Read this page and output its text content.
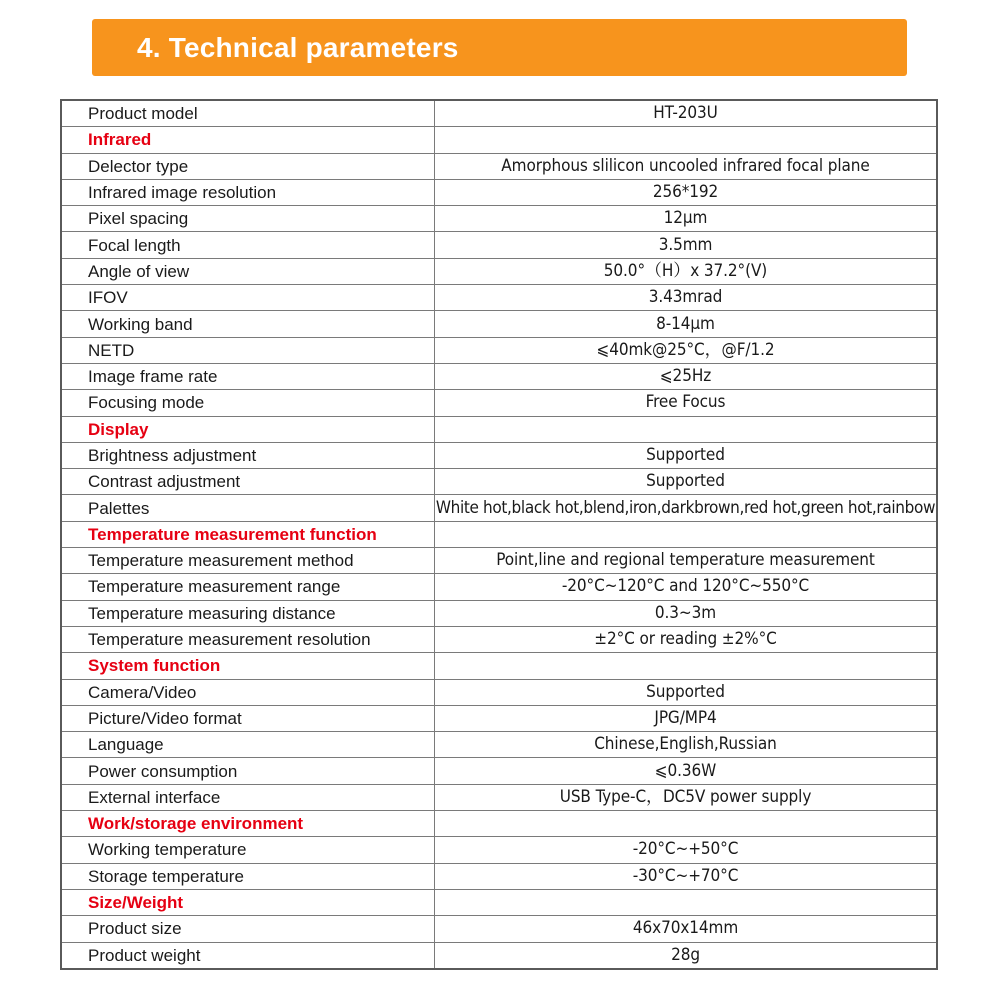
4. Technical parameters
Product model	HT-203U
Infrared	
Delector type	Amorphous slilicon uncooled infrared focal plane
Infrared image resolution	256*192
Pixel spacing	12μm
Focal length	3.5mm
Angle of view	50.0°（H）x 37.2°(V)
IFOV	3.43mrad
Working band	8-14μm
NETD	⩽40mk@25°C，@F/1.2
Image frame rate	⩽25Hz
Focusing mode	Free Focus
Display	
Brightness adjustment	Supported
Contrast adjustment	Supported
Palettes	White hot,black hot,blend,iron,darkbrown,red hot,green hot,rainbow
Temperature measurement function	
Temperature measurement method	Point,line and regional temperature measurement
Temperature measurement range	-20°C~120°C and 120°C~550°C
Temperature measuring distance	0.3~3m
Temperature measurement resolution	±2°C or reading ±2%°C
System function	
Camera/Video	Supported
Picture/Video format	JPG/MP4
Language	Chinese,English,Russian
Power consumption	⩽0.36W
External interface	USB Type-C，DC5V power supply
Work/storage environment	
Working temperature	-20°C~+50°C
Storage temperature	-30°C~+70°C
Size/Weight	
Product size	46x70x14mm
Product weight	28g
